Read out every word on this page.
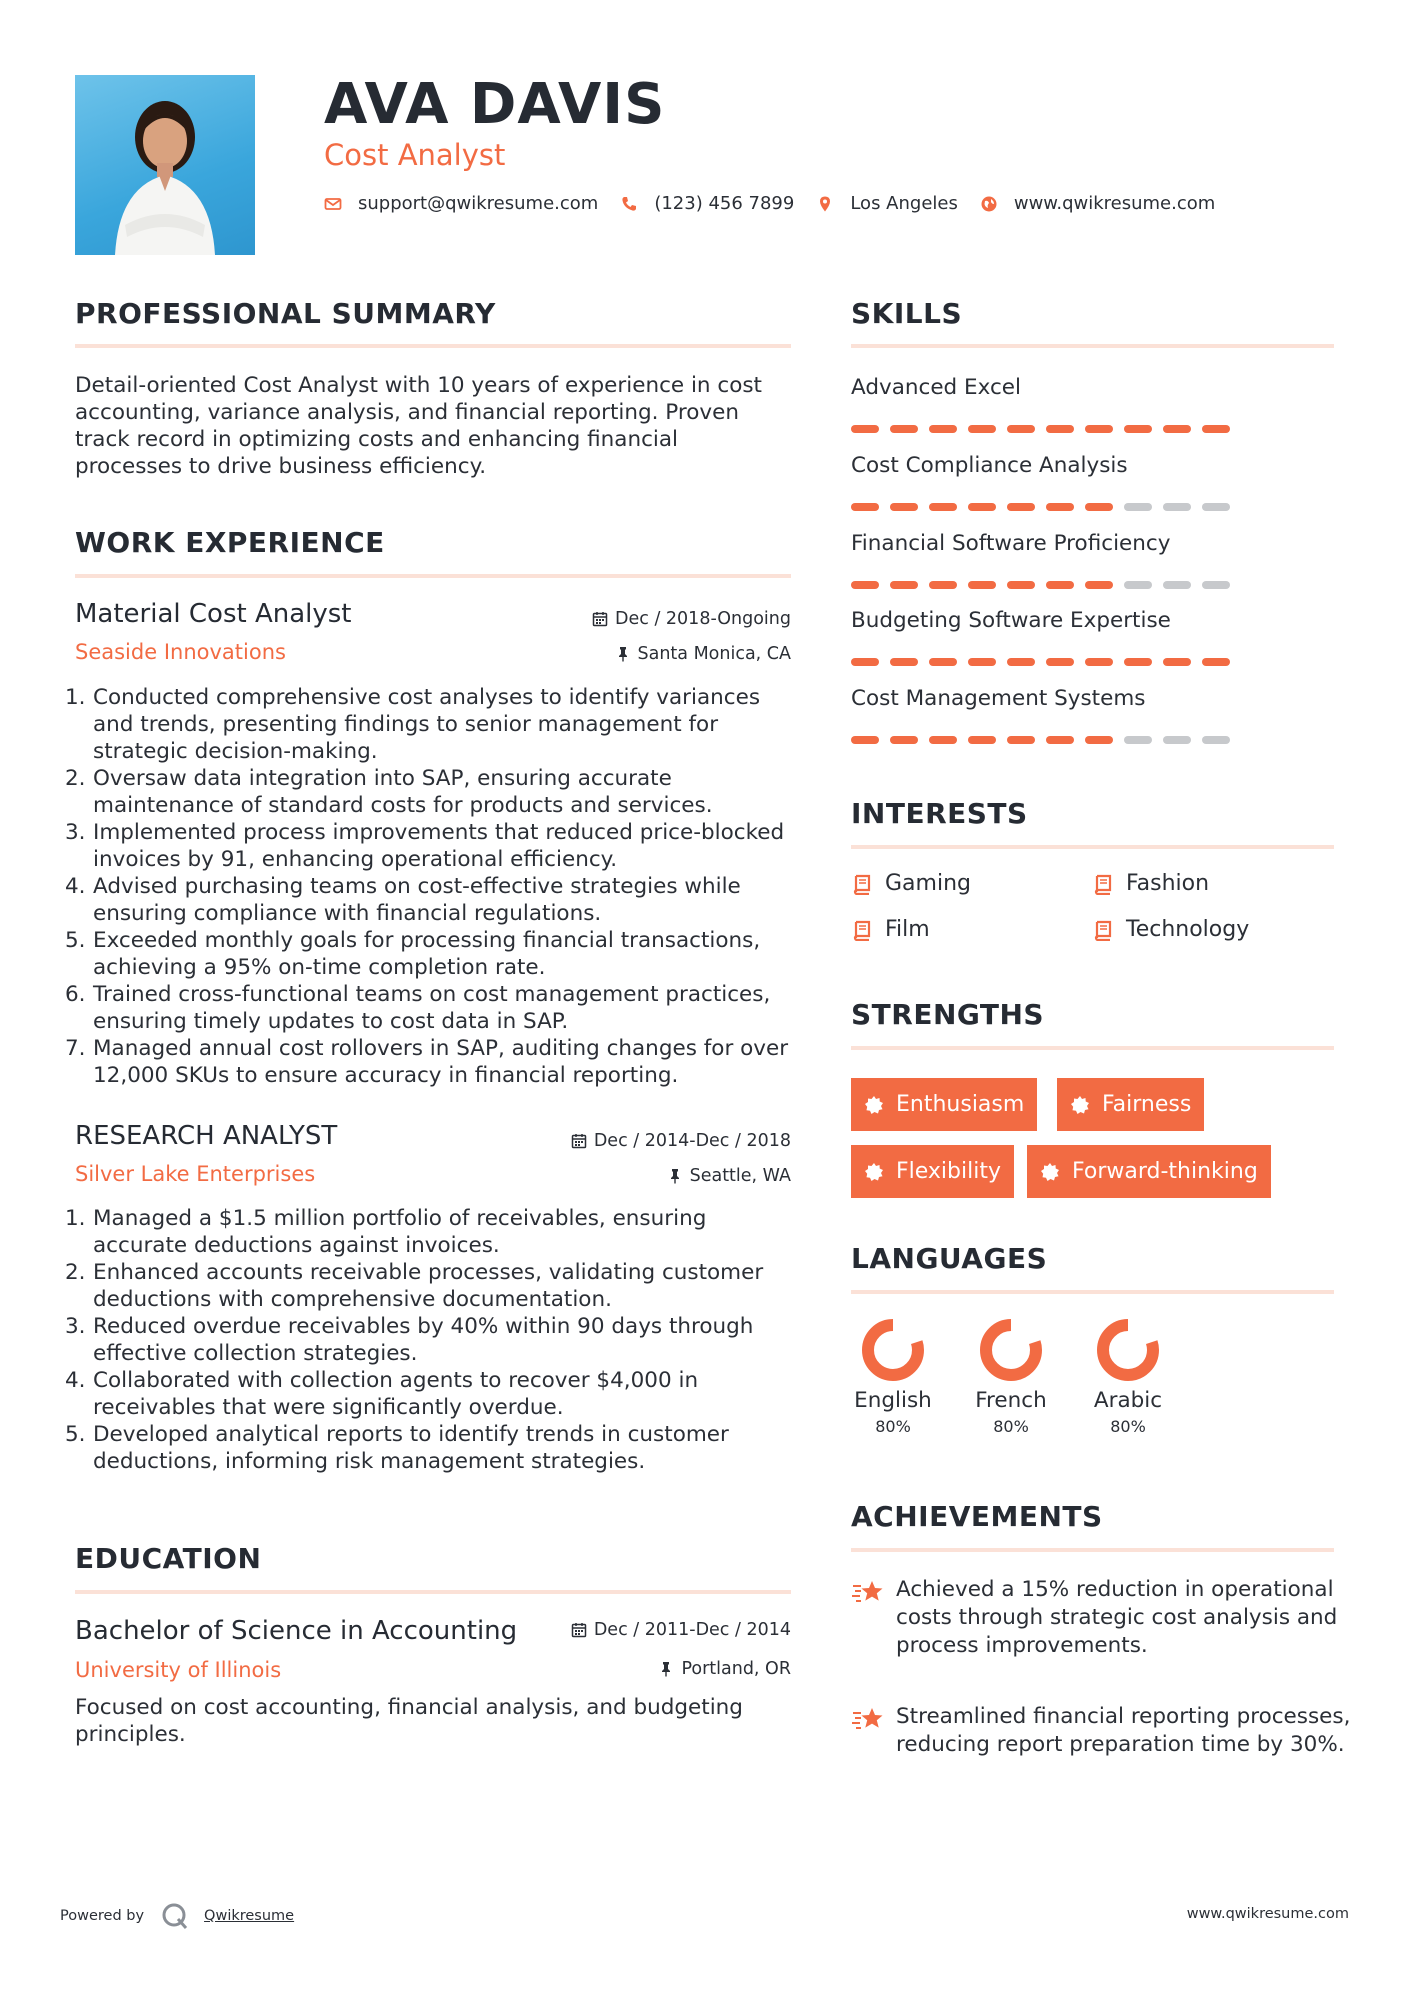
AVA DAVIS
Cost Analyst
support@qwikresume.com	(123) 456 7899	Los Angeles	www.qwikresume.com
PROFESSIONAL SUMMARY
Detail-oriented Cost Analyst with 10 years of experience in cost accounting, variance analysis, and financial reporting. Proven track record in optimizing costs and enhancing financial processes to drive business efficiency.
WORK EXPERIENCE
Material Cost Analyst
Seaside Innovations
Dec / 2018-Ongoing
Santa Monica, CA
1. Conducted comprehensive cost analyses to identify variances and trends, presenting findings to senior management for strategic decision-making.
2. Oversaw data integration into SAP, ensuring accurate maintenance of standard costs for products and services.
3. Implemented process improvements that reduced price-blocked invoices by 91, enhancing operational efficiency.
4. Advised purchasing teams on cost-effective strategies while ensuring compliance with financial regulations.
5. Exceeded monthly goals for processing financial transactions, achieving a 95% on-time completion rate.
6. Trained cross-functional teams on cost management practices, ensuring timely updates to cost data in SAP.
7. Managed annual cost rollovers in SAP, auditing changes for over 12,000 SKUs to ensure accuracy in financial reporting.
RESEARCH ANALYST
Silver Lake Enterprises
Dec / 2014-Dec / 2018
Seattle, WA
1. Managed a $1.5 million portfolio of receivables, ensuring accurate deductions against invoices.
2. Enhanced accounts receivable processes, validating customer deductions with comprehensive documentation.
3. Reduced overdue receivables by 40% within 90 days through effective collection strategies.
4. Collaborated with collection agents to recover $4,000 in receivables that were significantly overdue.
5. Developed analytical reports to identify trends in customer deductions, informing risk management strategies.
EDUCATION
Bachelor of Science in Accounting
University of Illinois
Dec / 2011-Dec / 2014
Portland, OR
Focused on cost accounting, financial analysis, and budgeting principles.
SKILLS
Advanced Excel
Cost Compliance Analysis
Financial Software Proficiency
Budgeting Software Expertise
Cost Management Systems
INTERESTS
Gaming	Fashion
Film	Technology
STRENGTHS
Enthusiasm	Fairness
Flexibility	Forward-thinking
LANGUAGES
English
80%
French
80%
Arabic
80%
ACHIEVEMENTS
Achieved a 15% reduction in operational costs through strategic cost analysis and process improvements.
Streamlined financial reporting processes, reducing report preparation time by 30%.
Powered by	Qwikresume	www.qwikresume.com
